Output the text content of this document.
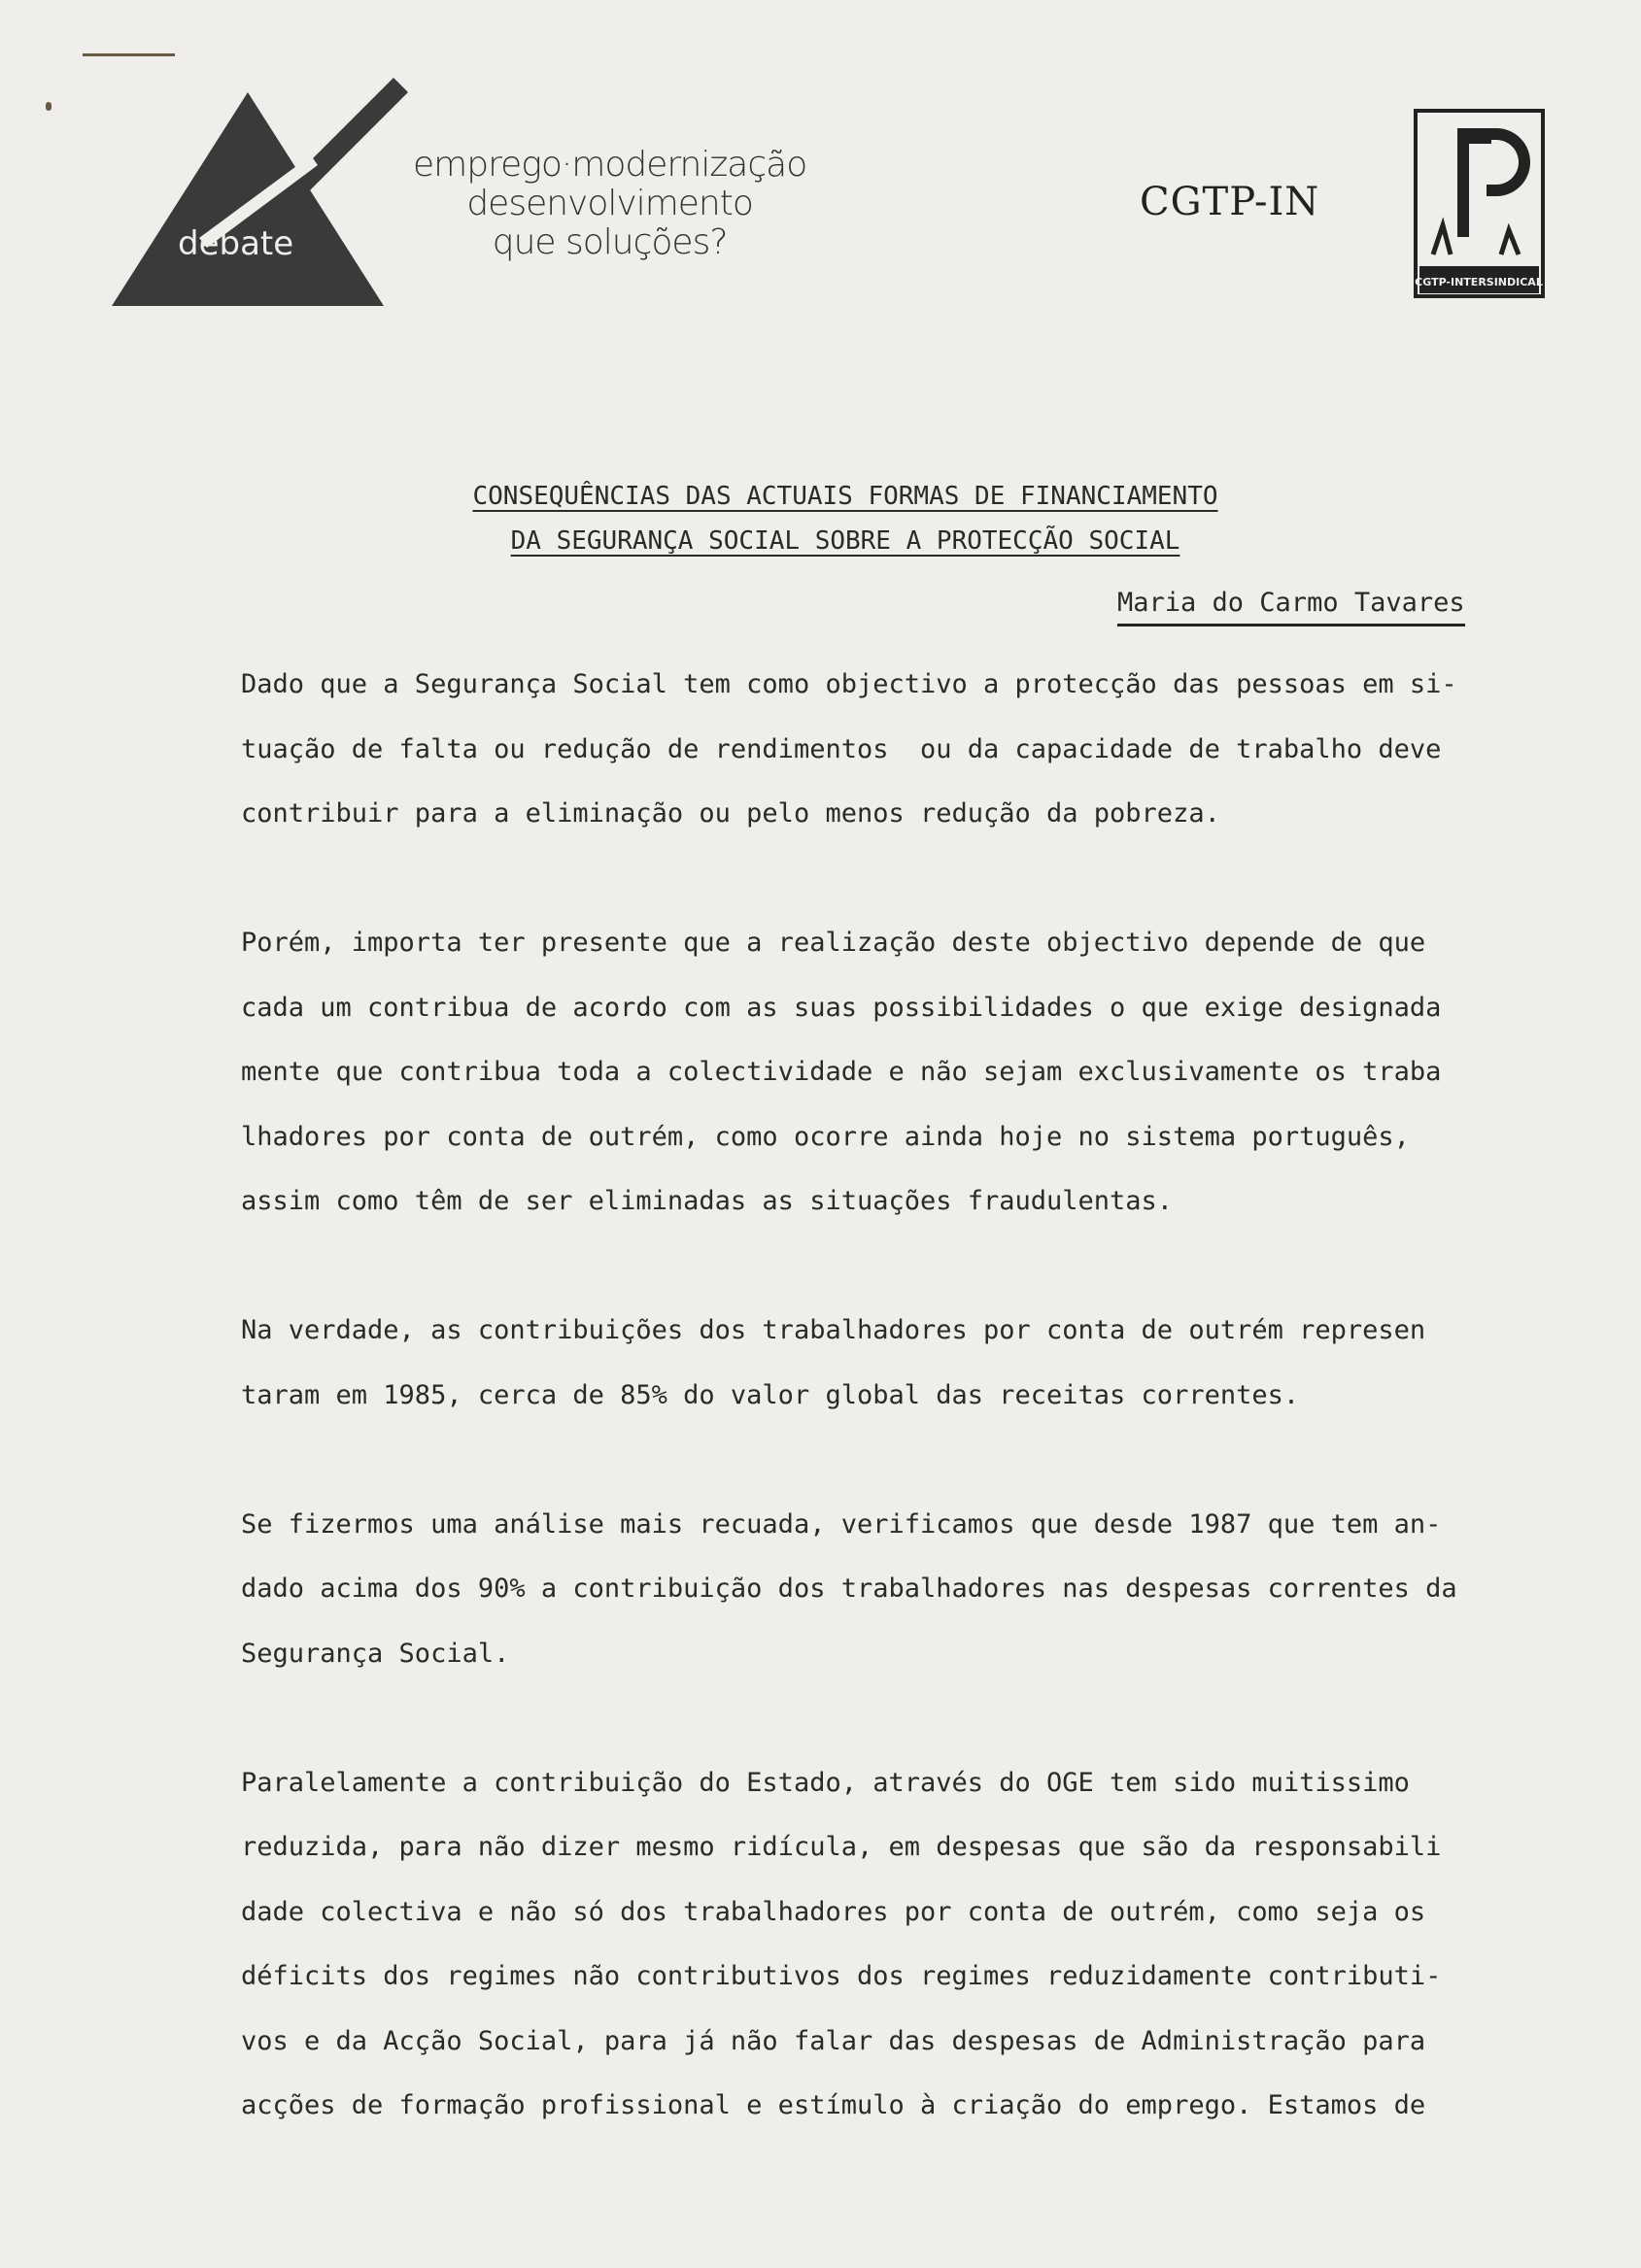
debate
emprego·modernização
desenvolvimento
que soluções?
CGTP-IN
CGTP-INTERSINDICAL
CONSEQUÊNCIAS DAS ACTUAIS FORMAS DE FINANCIAMENTO
DA SEGURANÇA SOCIAL SOBRE A PROTECÇÃO SOCIAL
Maria do Carmo Tavares

Dado que a Segurança Social tem como objectivo a protecção das pessoas em si-

tuação de falta ou redução de rendimentos  ou da capacidade de trabalho deve

contribuir para a eliminação ou pelo menos redução da pobreza.

Porém, importa ter presente que a realização deste objectivo depende de que

cada um contribua de acordo com as suas possibilidades o que exige designada

mente que contribua toda a colectividade e não sejam exclusivamente os traba

lhadores por conta de outrém, como ocorre ainda hoje no sistema português,

assim como têm de ser eliminadas as situações fraudulentas.

Na verdade, as contribuições dos trabalhadores por conta de outrém represen

taram em 1985, cerca de 85% do valor global das receitas correntes.

Se fizermos uma análise mais recuada, verificamos que desde 1987 que tem an-

dado acima dos 90% a contribuição dos trabalhadores nas despesas correntes da

Segurança Social.

Paralelamente a contribuição do Estado, através do OGE tem sido muitissimo

reduzida, para não dizer mesmo ridícula, em despesas que são da responsabili

dade colectiva e não só dos trabalhadores por conta de outrém, como seja os

déficits dos regimes não contributivos dos regimes reduzidamente contributi-

vos e da Acção Social, para já não falar das despesas de Administração para

acções de formação profissional e estímulo à criação do emprego. Estamos de
